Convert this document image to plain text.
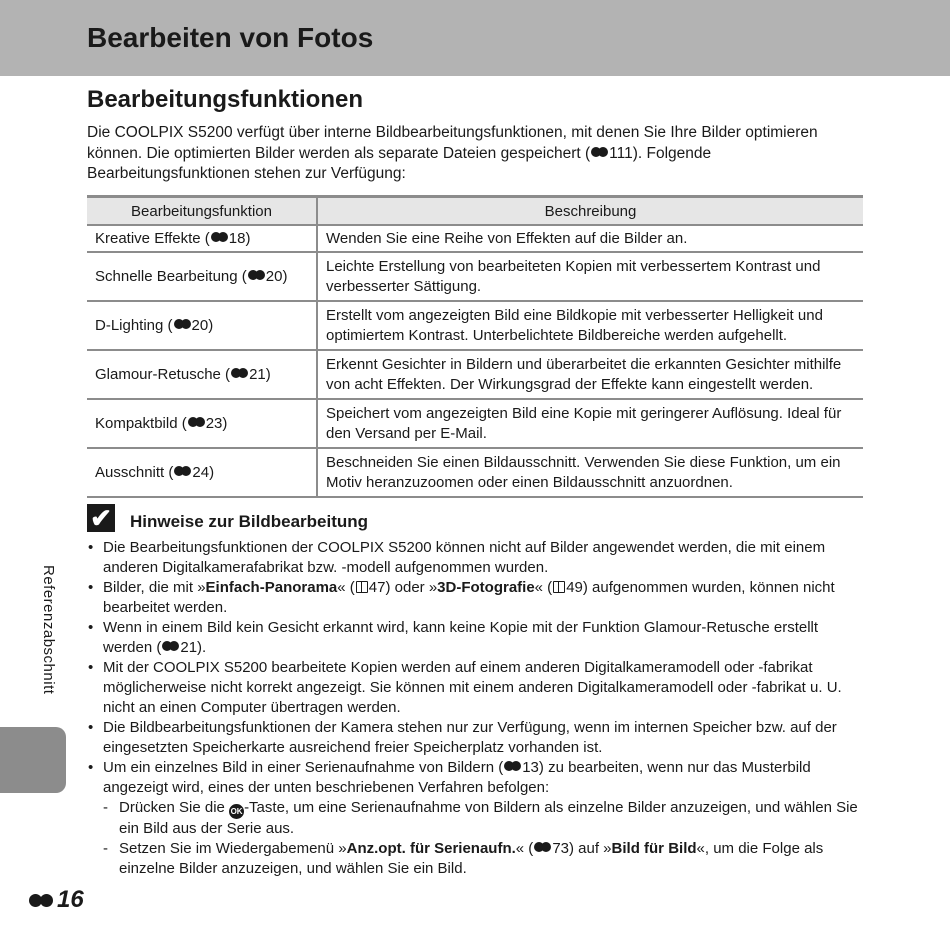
Bearbeiten von Fotos
Bearbeitungsfunktionen

Die COOLPIX S5200 verfügt über interne Bildbearbeitungsfunktionen, mit denen Sie Ihre Bilder optimieren können. Die optimierten Bilder werden als separate Dateien gespeichert ( 111). Folgende Bearbeitungsfunktionen stehen zur Verfügung:

Bearbeitungsfunktion	Beschreibung
Kreative Effekte ( 18)	Wenden Sie eine Reihe von Effekten auf die Bilder an.
Schnelle Bearbeitung ( 20)	Leichte Erstellung von bearbeiteten Kopien mit verbessertem Kontrast und verbesserter Sättigung.
D-Lighting ( 20)	Erstellt vom angezeigten Bild eine Bildkopie mit verbesserter Helligkeit und optimiertem Kontrast. Unterbelichtete Bildbereiche werden aufgehellt.
Glamour-Retusche ( 21)	Erkennt Gesichter in Bildern und überarbeitet die erkannten Gesichter mithilfe von acht Effekten. Der Wirkungsgrad der Effekte kann eingestellt werden.
Kompaktbild ( 23)	Speichert vom angezeigten Bild eine Kopie mit geringerer Auflösung. Ideal für den Versand per E-Mail.
Ausschnitt ( 24)	Beschneiden Sie einen Bildausschnitt. Verwenden Sie diese Funktion, um ein Motiv heranzuzoomen oder einen Bildausschnitt anzuordnen.
✔ Hinweise zur Bildbearbeitung
• Die Bearbeitungsfunktionen der COOLPIX S5200 können nicht auf Bilder angewendet werden, die mit einem anderen Digitalkamerafabrikat bzw. -modell aufgenommen wurden.
• Bilder, die mit »Einfach-Panorama« ( 47) oder »3D-Fotografie« ( 49) aufgenommen wurden, können nicht bearbeitet werden.
• Wenn in einem Bild kein Gesicht erkannt wird, kann keine Kopie mit der Funktion Glamour-Retusche erstellt werden ( 21).
• Mit der COOLPIX S5200 bearbeitete Kopien werden auf einem anderen Digitalkameramodell oder -fabrikat möglicherweise nicht korrekt angezeigt. Sie können mit einem anderen Digitalkameramodell oder -fabrikat u. U. nicht an einen Computer übertragen werden.
• Die Bildbearbeitungsfunktionen der Kamera stehen nur zur Verfügung, wenn im internen Speicher bzw. auf der eingesetzten Speicherkarte ausreichend freier Speicherplatz vorhanden ist.
• Um ein einzelnes Bild in einer Serienaufnahme von Bildern ( 13) zu bearbeiten, wenn nur das Musterbild angezeigt wird, eines der unten beschriebenen Verfahren befolgen:
- Drücken Sie die OK -Taste, um eine Serienaufnahme von Bildern als einzelne Bilder anzuzeigen, und wählen Sie ein Bild aus der Serie aus.
- Setzen Sie im Wiedergabemenü »Anz.opt. für Serienaufn.« ( 73) auf »Bild für Bild«, um die Folge als einzelne Bilder anzuzeigen, und wählen Sie ein Bild.
Referenzabschnitt
16
